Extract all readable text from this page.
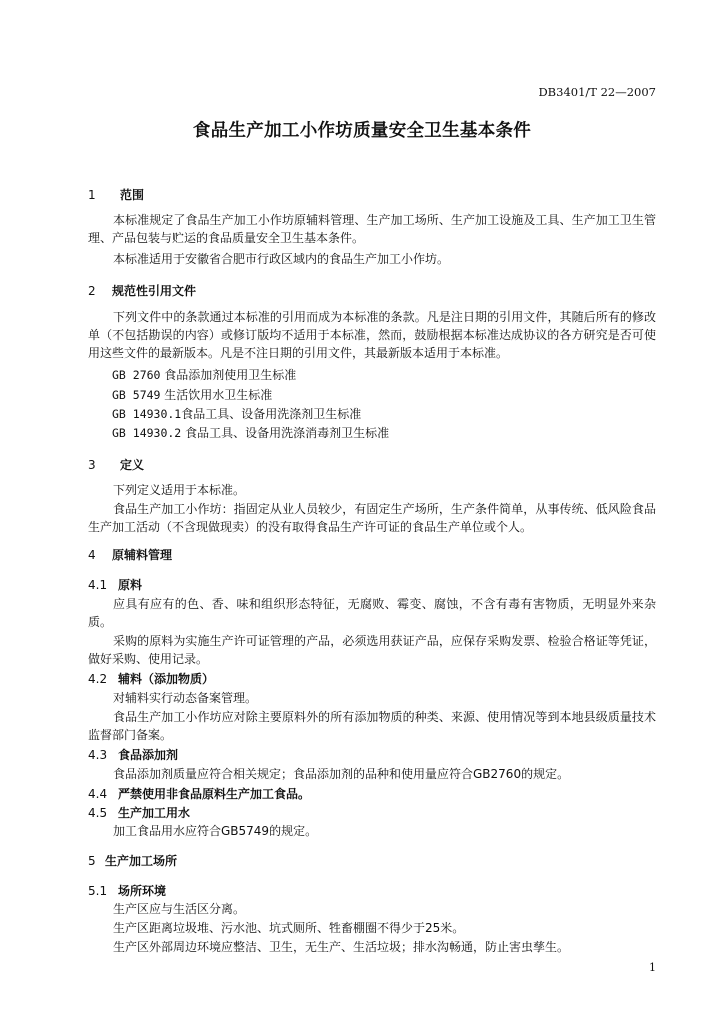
DB3401/T 22—2007
食品生产加工小作坊质量安全卫生基本条件
1 范围
本标准规定了食品生产加工小作坊原辅料管理、生产加工场所、生产加工设施及工具、生产加工卫生管理、产品包装与贮运的食品质量安全卫生基本条件。
本标准适用于安徽省合肥市行政区域内的食品生产加工小作坊。
2 规范性引用文件
下列文件中的条款通过本标准的引用而成为本标准的条款。凡是注日期的引用文件，其随后所有的修改单（不包括勘误的内容）或修订版均不适用于本标准，然而，鼓励根据本标准达成协议的各方研究是否可使用这些文件的最新版本。凡是不注日期的引用文件，其最新版本适用于本标准。
GB 2760 食品添加剂使用卫生标准
GB 5749 生活饮用水卫生标准
GB 14930.1食品工具、设备用洗涤剂卫生标准
GB 14930.2 食品工具、设备用洗涤消毒剂卫生标准
3 定义
下列定义适用于本标准。
食品生产加工小作坊：指固定从业人员较少，有固定生产场所，生产条件简单，从事传统、低风险食品生产加工活动（不含现做现卖）的没有取得食品生产许可证的食品生产单位或个人。
4 原辅料管理
4.1 原料
应具有应有的色、香、味和组织形态特征，无腐败、霉变、腐蚀，不含有毒有害物质，无明显外来杂质。
采购的原料为实施生产许可证管理的产品，必须选用获证产品，应保存采购发票、检验合格证等凭证，做好采购、使用记录。
4.2 辅料（添加物质）
对辅料实行动态备案管理。
食品生产加工小作坊应对除主要原料外的所有添加物质的种类、来源、使用情况等到本地县级质量技术监督部门备案。
4.3 食品添加剂
食品添加剂质量应符合相关规定；食品添加剂的品种和使用量应符合GB2760的规定。
4.4 严禁使用非食品原料生产加工食品。
4.5 生产加工用水
加工食品用水应符合GB5749的规定。
5 生产加工场所
5.1 场所环境
生产区应与生活区分离。
生产区距离垃圾堆、污水池、坑式厕所、牲畜棚圈不得少于25米。
生产区外部周边环境应整洁、卫生，无生产、生活垃圾；排水沟畅通，防止害虫孳生。
1
